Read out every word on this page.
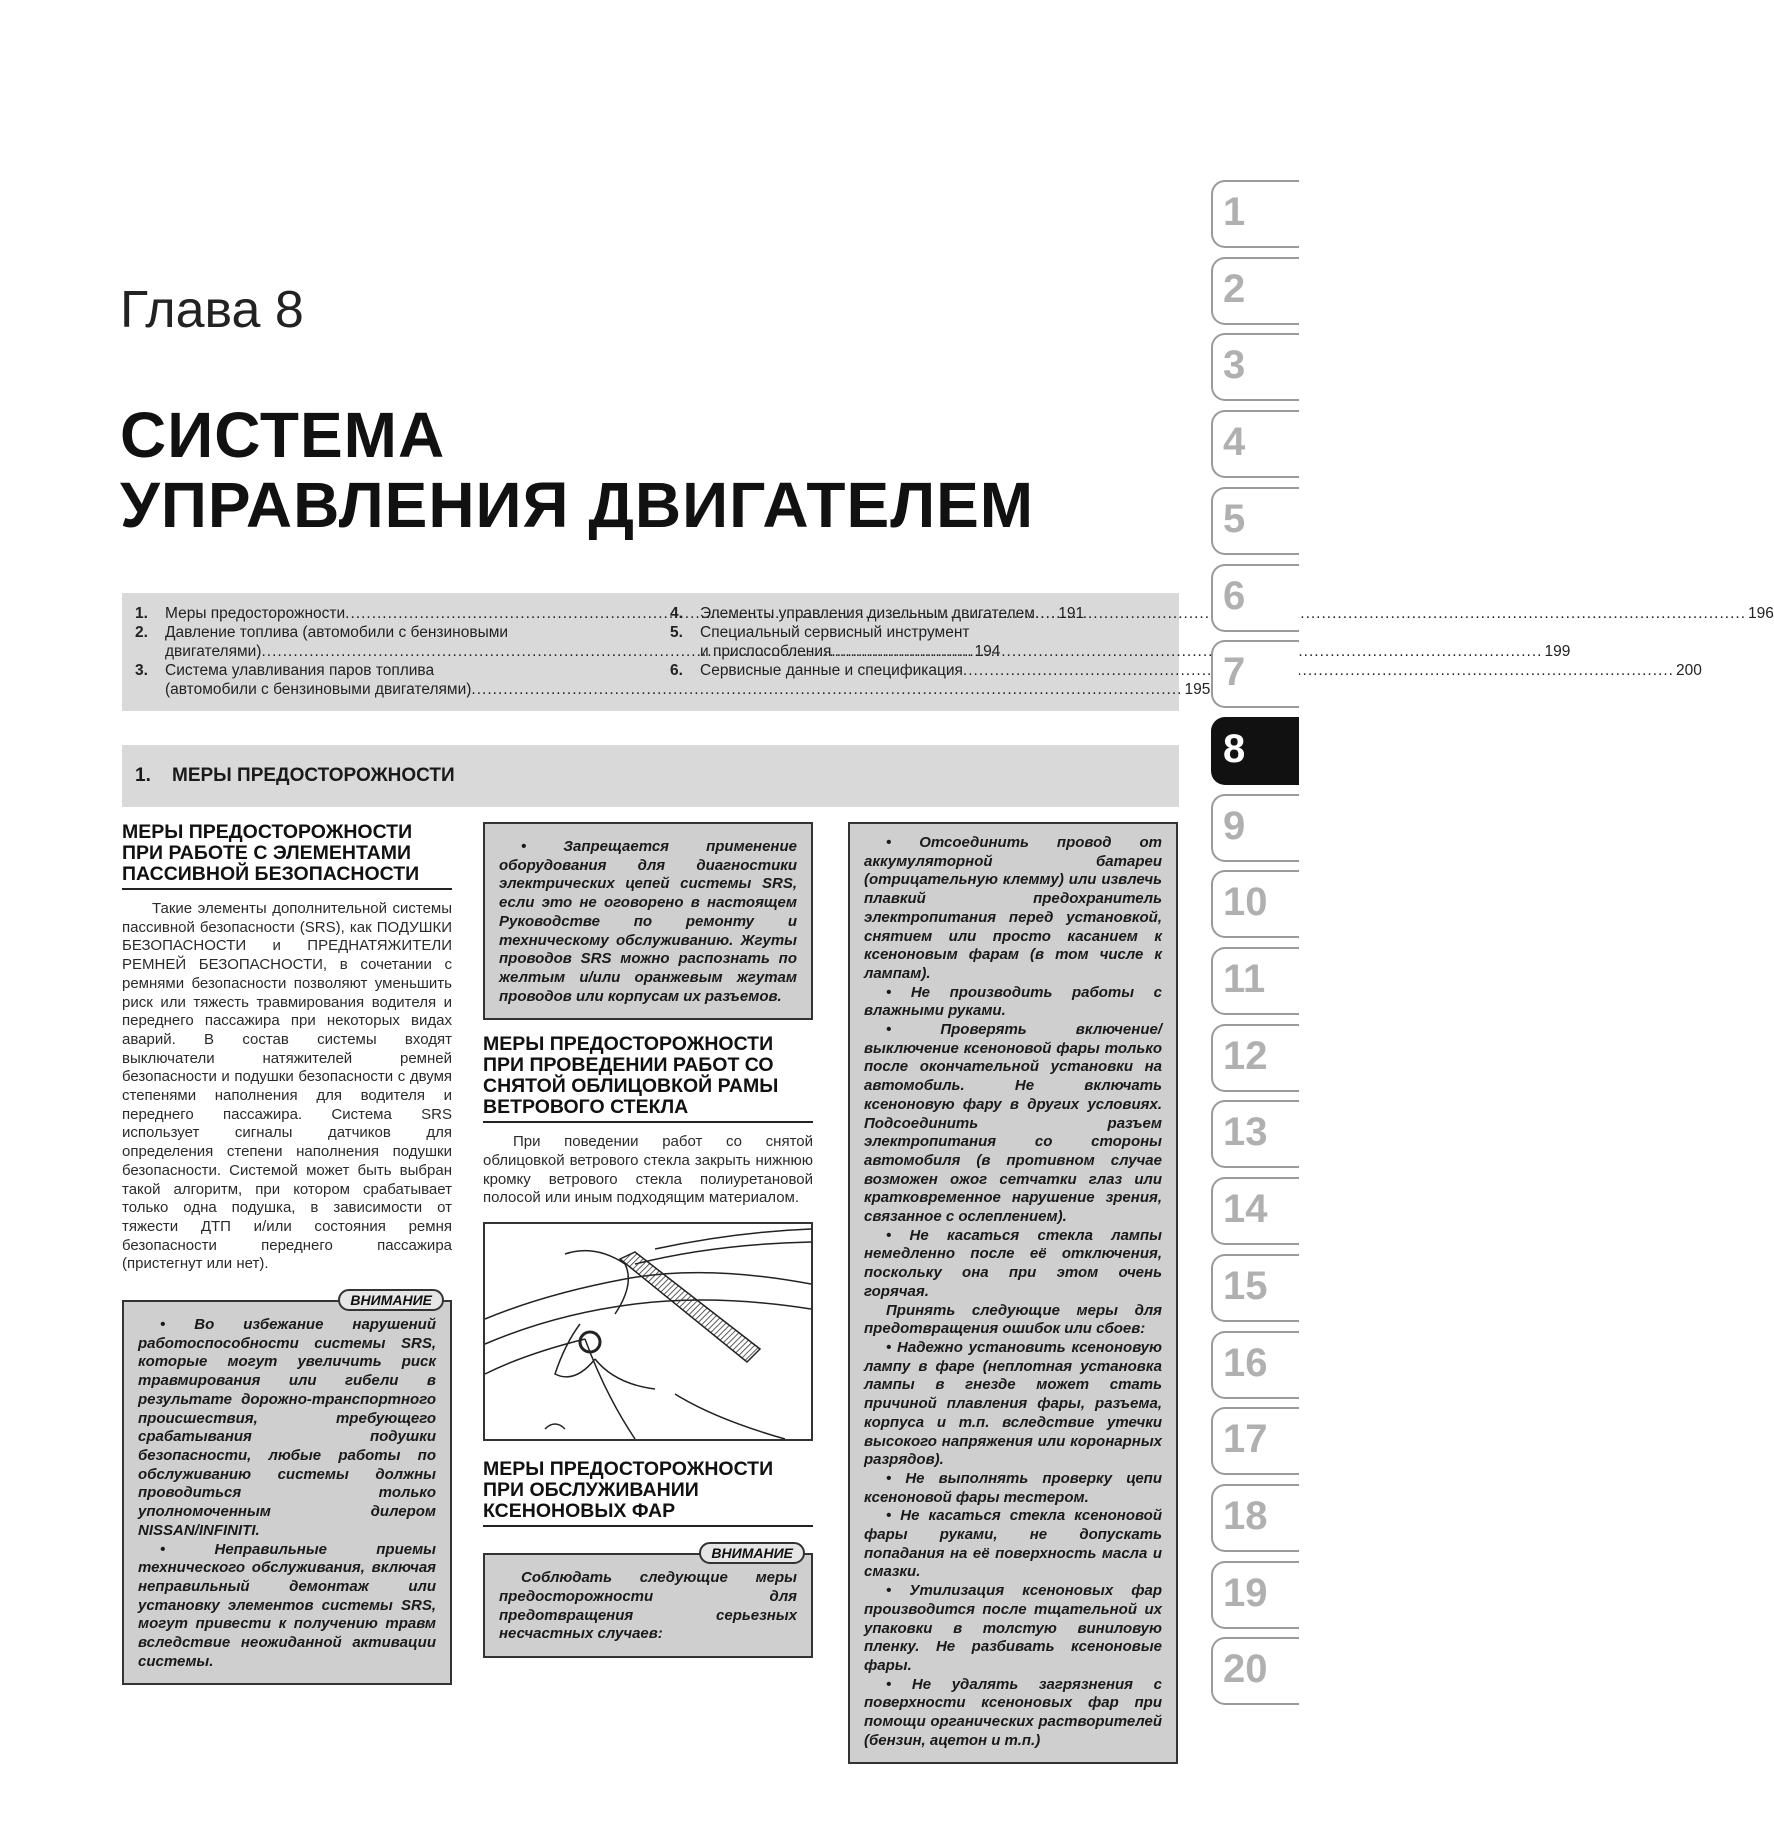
Глава 8
СИСТЕМА
УПРАВЛЕНИЯ ДВИГАТЕЛЕМ
1.	Меры предосторожности .....	191
2.	Давление топлива (автомобили с бензиновыми
двигателями) .....	194
3.	Система улавливания паров топлива
(автомобили с бензиновыми двигателями) .....	195
4.	Элементы управления дизельным двигателем .....	196
5.	Специальный сервисный инструмент
и приспособления .....	199
6.	Сервисные данные и спецификация .....	200
1. МЕРЫ ПРЕДОСТОРОЖНОСТИ
МЕРЫ ПРЕДОСТОРОЖНОСТИ
ПРИ РАБОТЕ С ЭЛЕМЕНТАМИ
ПАССИВНОЙ БЕЗОПАСНОСТИ
Такие элементы дополнительной системы пассивной безопасности (SRS), как ПОДУШКИ БЕЗОПАСНОСТИ и ПРЕДНАТЯЖИТЕЛИ РЕМНЕЙ БЕЗОПАСНОСТИ, в сочетании с ремнями безопасности позволяют уменьшить риск или тяжесть травмирования водителя и переднего пассажира при некоторых видах аварий. В состав системы входят выключатели натяжителей ремней безопасности и подушки безопасности с двумя степенями наполнения для водителя и переднего пассажира. Система SRS использует сигналы датчиков для определения степени наполнения подушки безопасности. Системой может быть выбран такой алгоритм, при котором срабатывает только одна подушка, в зависимости от тяжести ДТП и/или состояния ремня безопасности переднего пассажира (пристегнут или нет).
ВНИМАНИЕ

• Во избежание нарушений работоспособности системы SRS, которые могут увеличить риск травмирования или гибели в результате дорожно-транспортного происшествия, требующего срабатывания подушки безопасности, любые работы по обслуживанию системы должны проводиться только уполномоченным дилером NISSAN/INFINITI.

• Неправильные приемы технического обслуживания, включая неправильный демонтаж или установку элементов системы SRS, могут привести к получению травм вследствие неожиданной активации системы.

• Запрещается применение оборудования для диагностики электрических цепей системы SRS, если это не оговорено в настоящем Руководстве по ремонту и техническому обслуживанию. Жгуты проводов SRS можно распознать по желтым и/или оранжевым жгутам проводов или корпусам их разъемов.

МЕРЫ ПРЕДОСТОРОЖНОСТИ
ПРИ ПРОВЕДЕНИИ РАБОТ СО
СНЯТОЙ ОБЛИЦОВКОЙ РАМЫ
ВЕТРОВОГО СТЕКЛА
При поведении работ со снятой облицовкой ветрового стекла закрыть нижнюю кромку ветрового стекла полиуретановой полосой или иным подходящим материалом.
МЕРЫ ПРЕДОСТОРОЖНОСТИ
ПРИ ОБСЛУЖИВАНИИ
КСЕНОНОВЫХ ФАР
ВНИМАНИЕ

Соблюдать следующие меры предосторожности для предотвращения серьезных несчастных случаев:

• Отсоединить провод от аккумуляторной батареи (отрицательную клемму) или извлечь плавкий предохранитель электропитания перед установкой, снятием или просто касанием к ксеноновым фарам (в том числе к лампам).

• Не производить работы с влажными руками.

• Проверять включение/выключение ксеноновой фары только после окончательной установки на автомобиль. Не включать ксеноновую фару в других условиях. Подсоединить разъем электропитания со стороны автомобиля (в противном случае возможен ожог сетчатки глаз или кратковременное нарушение зрения, связанное с ослеплением).

• Не касаться стекла лампы немедленно после её отключения, поскольку она при этом очень горячая.

Принять следующие меры для предотвращения ошибок или сбоев:

• Надежно установить ксеноновую лампу в фаре (неплотная установка лампы в гнезде может стать причиной плавления фары, разъема, корпуса и т.п. вследствие утечки высокого напряжения или коронарных разрядов).

• Не выполнять проверку цепи ксеноновой фары тестером.

• Не касаться стекла ксеноновой фары руками, не допускать попадания на её поверхность масла и смазки.

• Утилизация ксеноновых фар производится после тщательной их упаковки в толстую виниловую пленку. Не разбивать ксеноновые фары.

• Не удалять загрязнения с поверхности ксеноновых фар при помощи органических растворителей (бензин, ацетон и т.п.)

1
2
3
4
5
6
7
8
9
10
11
12
13
14
15
16
17
18
19
20
